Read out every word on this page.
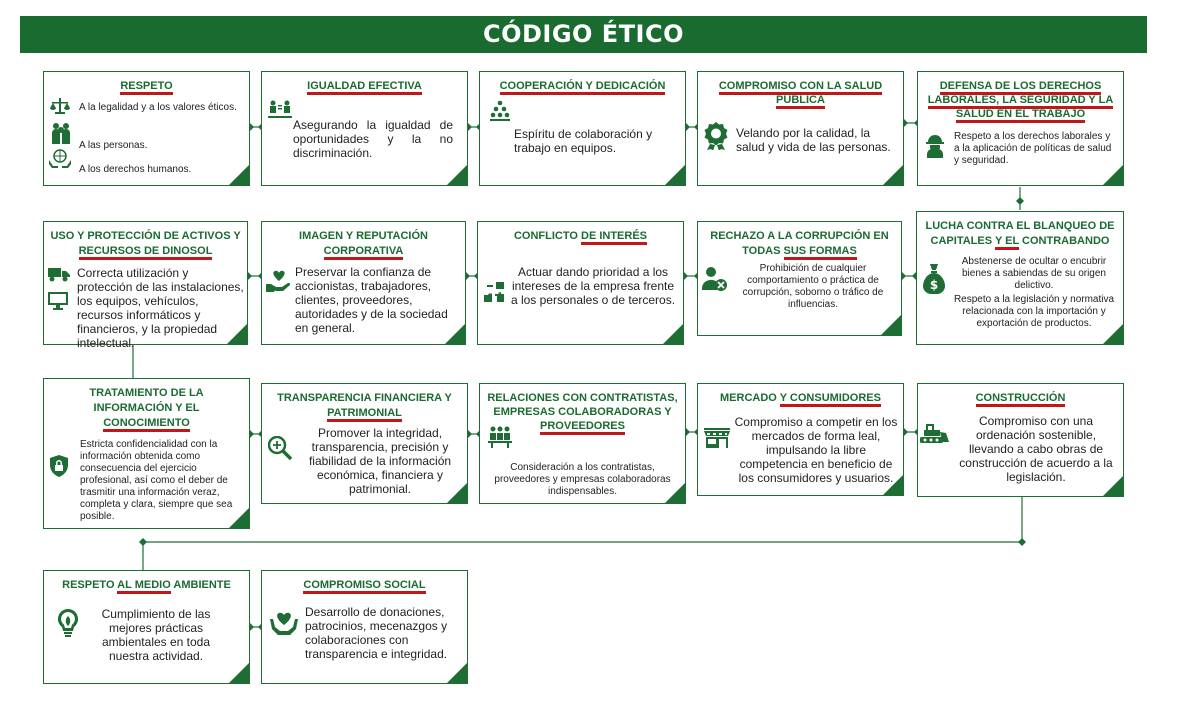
CÓDIGO ÉTICO
RESPETO
A la legalidad y a los valores éticos.
A las personas.
A los derechos humanos.
IGUALDAD EFECTIVA
Asegurando la igualdad de oportunidades y la no discriminación.
COOPERACIÓN Y DEDICACIÓN
Espíritu de colaboración y trabajo en equipos.
COMPROMISO CON LA SALUD PÚBLICA
Velando por la calidad, la salud y vida de las personas.
DEFENSA DE LOS DERECHOS LABORALES, LA SEGURIDAD Y LA SALUD EN EL TRABAJO
Respeto a los derechos laborales y a la aplicación de políticas de salud y seguridad.
USO Y PROTECCIÓN DE ACTIVOS Y RECURSOS DE DINOSOL
Correcta utilización y protección de las instalaciones, los equipos, vehículos, recursos informáticos y financieros, y la propiedad intelectual.
IMAGEN Y REPUTACIÓN CORPORATIVA
Preservar la confianza de accionistas, trabajadores, clientes, proveedores, autoridades y de la sociedad en general.
CONFLICTO DE INTERÉS
Actuar dando prioridad a los intereses de la empresa frente a los personales o de terceros.
RECHAZO A LA CORRUPCIÓN EN TODAS SUS FORMAS
Prohibición de cualquier comportamiento o práctica de corrupción, soborno o tráfico de influencias.
LUCHA CONTRA EL BLANQUEO DE CAPITALES Y EL CONTRABANDO
$
Abstenerse de ocultar o encubrir bienes a sabiendas de su origen delictivo.
Respeto a la legislación y normativa relacionada con la importación y exportación de productos.
TRATAMIENTO DE LA INFORMACIÓN Y EL CONOCIMIENTO
Estricta confidencialidad con la información obtenida como consecuencia del ejercicio profesional, así como el deber de trasmitir una información veraz, completa y clara, siempre que sea posible.
TRANSPARENCIA FINANCIERA Y PATRIMONIAL
Promover la integridad, transparencia, precisión y fiabilidad de la información económica, financiera y patrimonial.
RELACIONES CON CONTRATISTAS, EMPRESAS COLABORADORAS Y PROVEEDORES
Consideración a los contratistas, proveedores y empresas colaboradoras indispensables.
MERCADO Y CONSUMIDORES
Compromiso a competir en los mercados de forma leal, impulsando la libre competencia en beneficio de los consumidores y usuarios.
CONSTRUCCIÓN
Compromiso con una ordenación sostenible, llevando a cabo obras de construcción de acuerdo a la legislación.
RESPETO AL MEDIO AMBIENTE
Cumplimiento de las mejores prácticas ambientales en toda nuestra actividad.
COMPROMISO SOCIAL
Desarrollo de donaciones, patrocinios, mecenazgos y colaboraciones con transparencia e integridad.
